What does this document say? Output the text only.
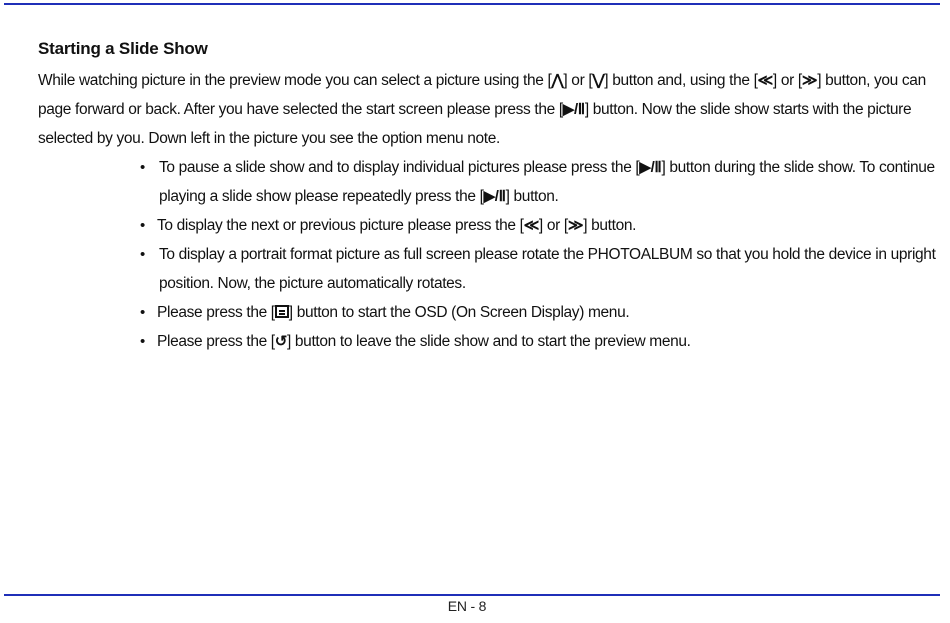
Starting a Slide Show

While watching picture in the preview mode you can select a picture using the [⋀] or [⋁] button and, using the [≪] or [≫] button, you can page forward or back. After you have selected the start screen please press the [▶/Ⅱ] button. Now the slide show starts with the picture selected by you. Down left in the picture you see the option menu note.

• To pause a slide show and to display individual pictures please press the [▶/Ⅱ] button during the slide show. To continue playing a slide show please repeatedly press the [▶/Ⅱ] button.
• To display the next or previous picture please press the [≪] or [≫] button.
• To display a portrait format picture as full screen please rotate the PHOTOALBUM so that you hold the device in upright position. Now, the picture automatically rotates.
• Please press the [ ] button to start the OSD (On Screen Display) menu.
• Please press the [↺] button to leave the slide show and to start the preview menu.
EN - 8
